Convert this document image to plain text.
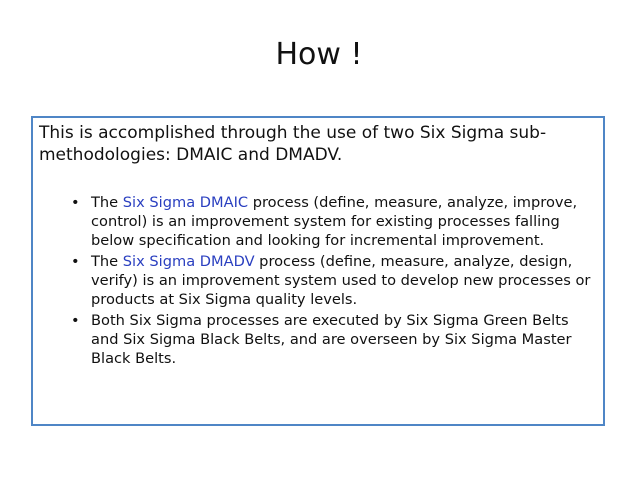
How !

This is accomplished through the use of two Six Sigma sub-methodologies: DMAIC and DMADV.

• The Six Sigma DMAIC process (define, measure, analyze, improve, control) is an improvement system for existing processes falling below specification and looking for incremental improvement.
• The Six Sigma DMADV process (define, measure, analyze, design, verify) is an improvement system used to develop new processes or products at Six Sigma quality levels.
• Both Six Sigma processes are executed by Six Sigma Green Belts and Six Sigma Black Belts, and are overseen by Six Sigma Master Black Belts.
